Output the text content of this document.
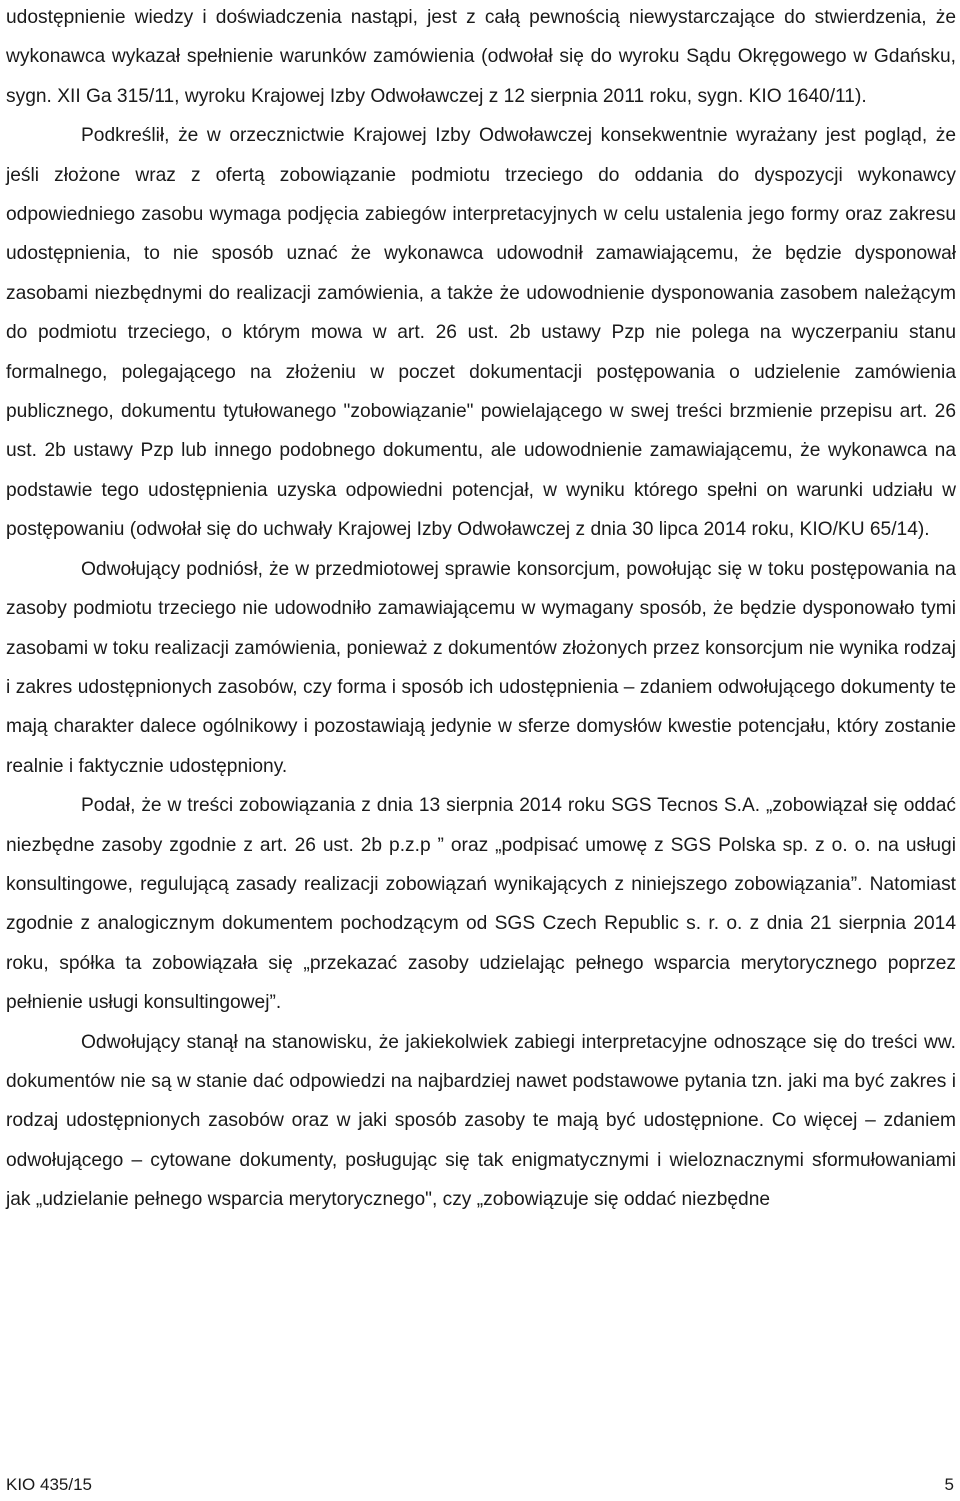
udostępnienie wiedzy i doświadczenia nastąpi, jest z całą pewnością niewystarczające do stwierdzenia, że wykonawca wykazał spełnienie warunków zamówienia (odwołał się do wyroku Sądu Okręgowego w Gdańsku, sygn. XII Ga 315/11, wyroku Krajowej Izby Odwoławczej z 12 sierpnia 2011 roku, sygn. KIO 1640/11).

Podkreślił, że w orzecznictwie Krajowej Izby Odwoławczej konsekwentnie wyrażany jest pogląd, że jeśli złożone wraz z ofertą zobowiązanie podmiotu trzeciego do oddania do dyspozycji wykonawcy odpowiedniego zasobu wymaga podjęcia zabiegów interpretacyjnych w celu ustalenia jego formy oraz zakresu udostępnienia, to nie sposób uznać że wykonawca udowodnił zamawiającemu, że będzie dysponował zasobami niezbędnymi do realizacji zamówienia, a także że udowodnienie dysponowania zasobem należącym do podmiotu trzeciego, o którym mowa w art. 26 ust. 2b ustawy Pzp nie polega na wyczerpaniu stanu formalnego, polegającego na złożeniu w poczet dokumentacji postępowania o udzielenie zamówienia publicznego, dokumentu tytułowanego "zobowiązanie" powielającego w swej treści brzmienie przepisu art. 26 ust. 2b ustawy Pzp lub innego podobnego dokumentu, ale udowodnienie zamawiającemu, że wykonawca na podstawie tego udostępnienia uzyska odpowiedni potencjał, w wyniku którego spełni on warunki udziału w postępowaniu (odwołał się do uchwały Krajowej Izby Odwoławczej z dnia 30 lipca 2014 roku, KIO/KU 65/14).

Odwołujący podniósł, że w przedmiotowej sprawie konsorcjum, powołując się w toku postępowania na zasoby podmiotu trzeciego nie udowodniło zamawiającemu w wymagany sposób, że będzie dysponowało tymi zasobami w toku realizacji zamówienia, ponieważ z dokumentów złożonych przez konsorcjum nie wynika rodzaj i zakres udostępnionych zasobów, czy forma i sposób ich udostępnienia – zdaniem odwołującego dokumenty te mają charakter dalece ogólnikowy i pozostawiają jedynie w sferze domysłów kwestie potencjału, który zostanie realnie i faktycznie udostępniony.

Podał, że w treści zobowiązania z dnia 13 sierpnia 2014 roku SGS Tecnos S.A. „zobowiązał się oddać niezbędne zasoby zgodnie z art. 26 ust. 2b p.z.p ” oraz „podpisać umowę z SGS Polska sp. z o. o. na usługi konsultingowe, regulującą zasady realizacji zobowiązań wynikających z niniejszego zobowiązania”. Natomiast zgodnie z analogicznym dokumentem pochodzącym od SGS Czech Republic s. r. o. z dnia 21 sierpnia 2014 roku, spółka ta zobowiązała się „przekazać zasoby udzielając pełnego wsparcia merytorycznego poprzez pełnienie usługi konsultingowej”.

Odwołujący stanął na stanowisku, że jakiekolwiek zabiegi interpretacyjne odnoszące się do treści ww. dokumentów nie są w stanie dać odpowiedzi na najbardziej nawet podstawowe pytania tzn. jaki ma być zakres i rodzaj udostępnionych zasobów oraz w jaki sposób zasoby te mają być udostępnione. Co więcej – zdaniem odwołującego – cytowane dokumenty, posługując się tak enigmatycznymi i wieloznacznymi sformułowaniami jak „udzielanie pełnego wsparcia merytorycznego", czy „zobowiązuje się oddać niezbędne

KIO 435/15	5
